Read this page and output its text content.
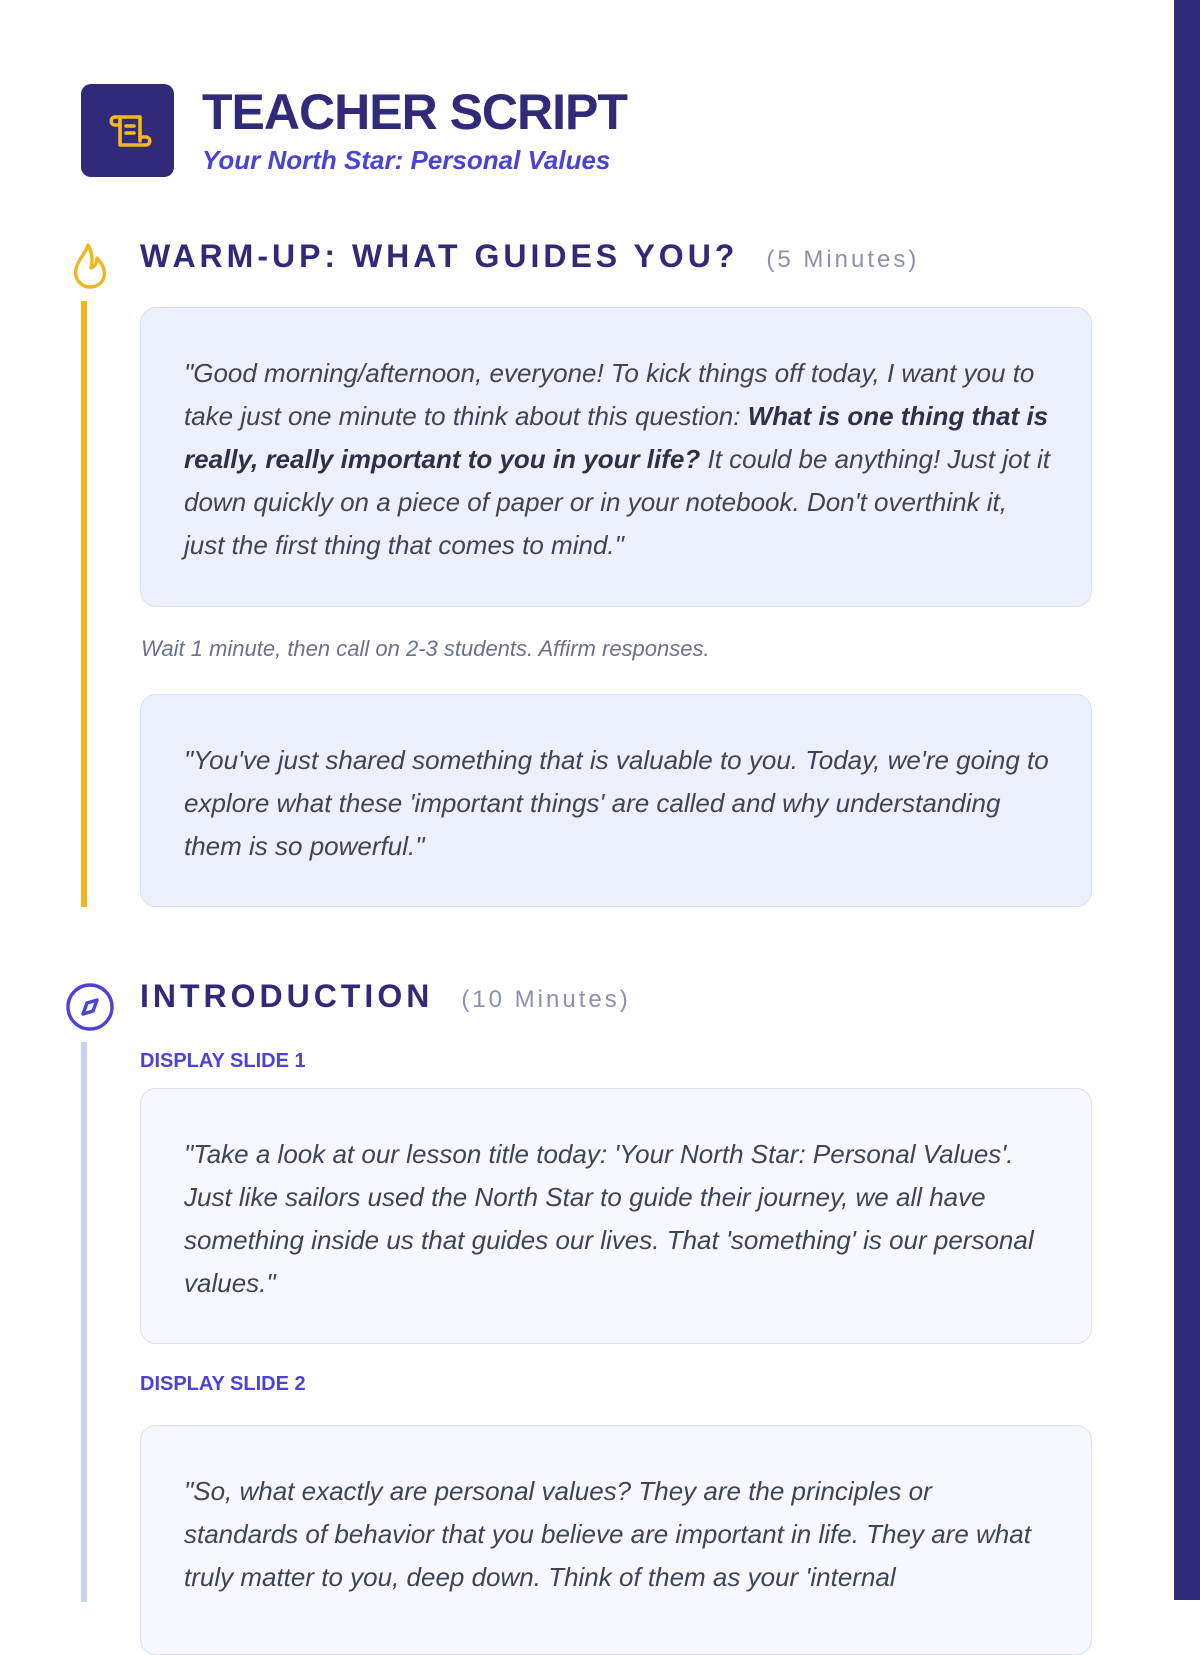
TEACHER SCRIPT
Your North Star: Personal Values
WARM-UP: WHAT GUIDES YOU? (5 Minutes)
"Good morning/afternoon, everyone! To kick things off today, I want you to take just one minute to think about this question: What is one thing that is really, really important to you in your life? It could be anything! Just jot it down quickly on a piece of paper or in your notebook. Don't overthink it, just the first thing that comes to mind."
Wait 1 minute, then call on 2-3 students. Affirm responses.
"You've just shared something that is valuable to you. Today, we're going to explore what these 'important things' are called and why understanding them is so powerful."
INTRODUCTION (10 Minutes)
DISPLAY SLIDE 1
"Take a look at our lesson title today: 'Your North Star: Personal Values'. Just like sailors used the North Star to guide their journey, we all have something inside us that guides our lives. That 'something' is our personal values."
DISPLAY SLIDE 2
"So, what exactly are personal values? They are the principles or standards of behavior that you believe are important in life. They are what truly matter to you, deep down. Think of them as your 'internal
